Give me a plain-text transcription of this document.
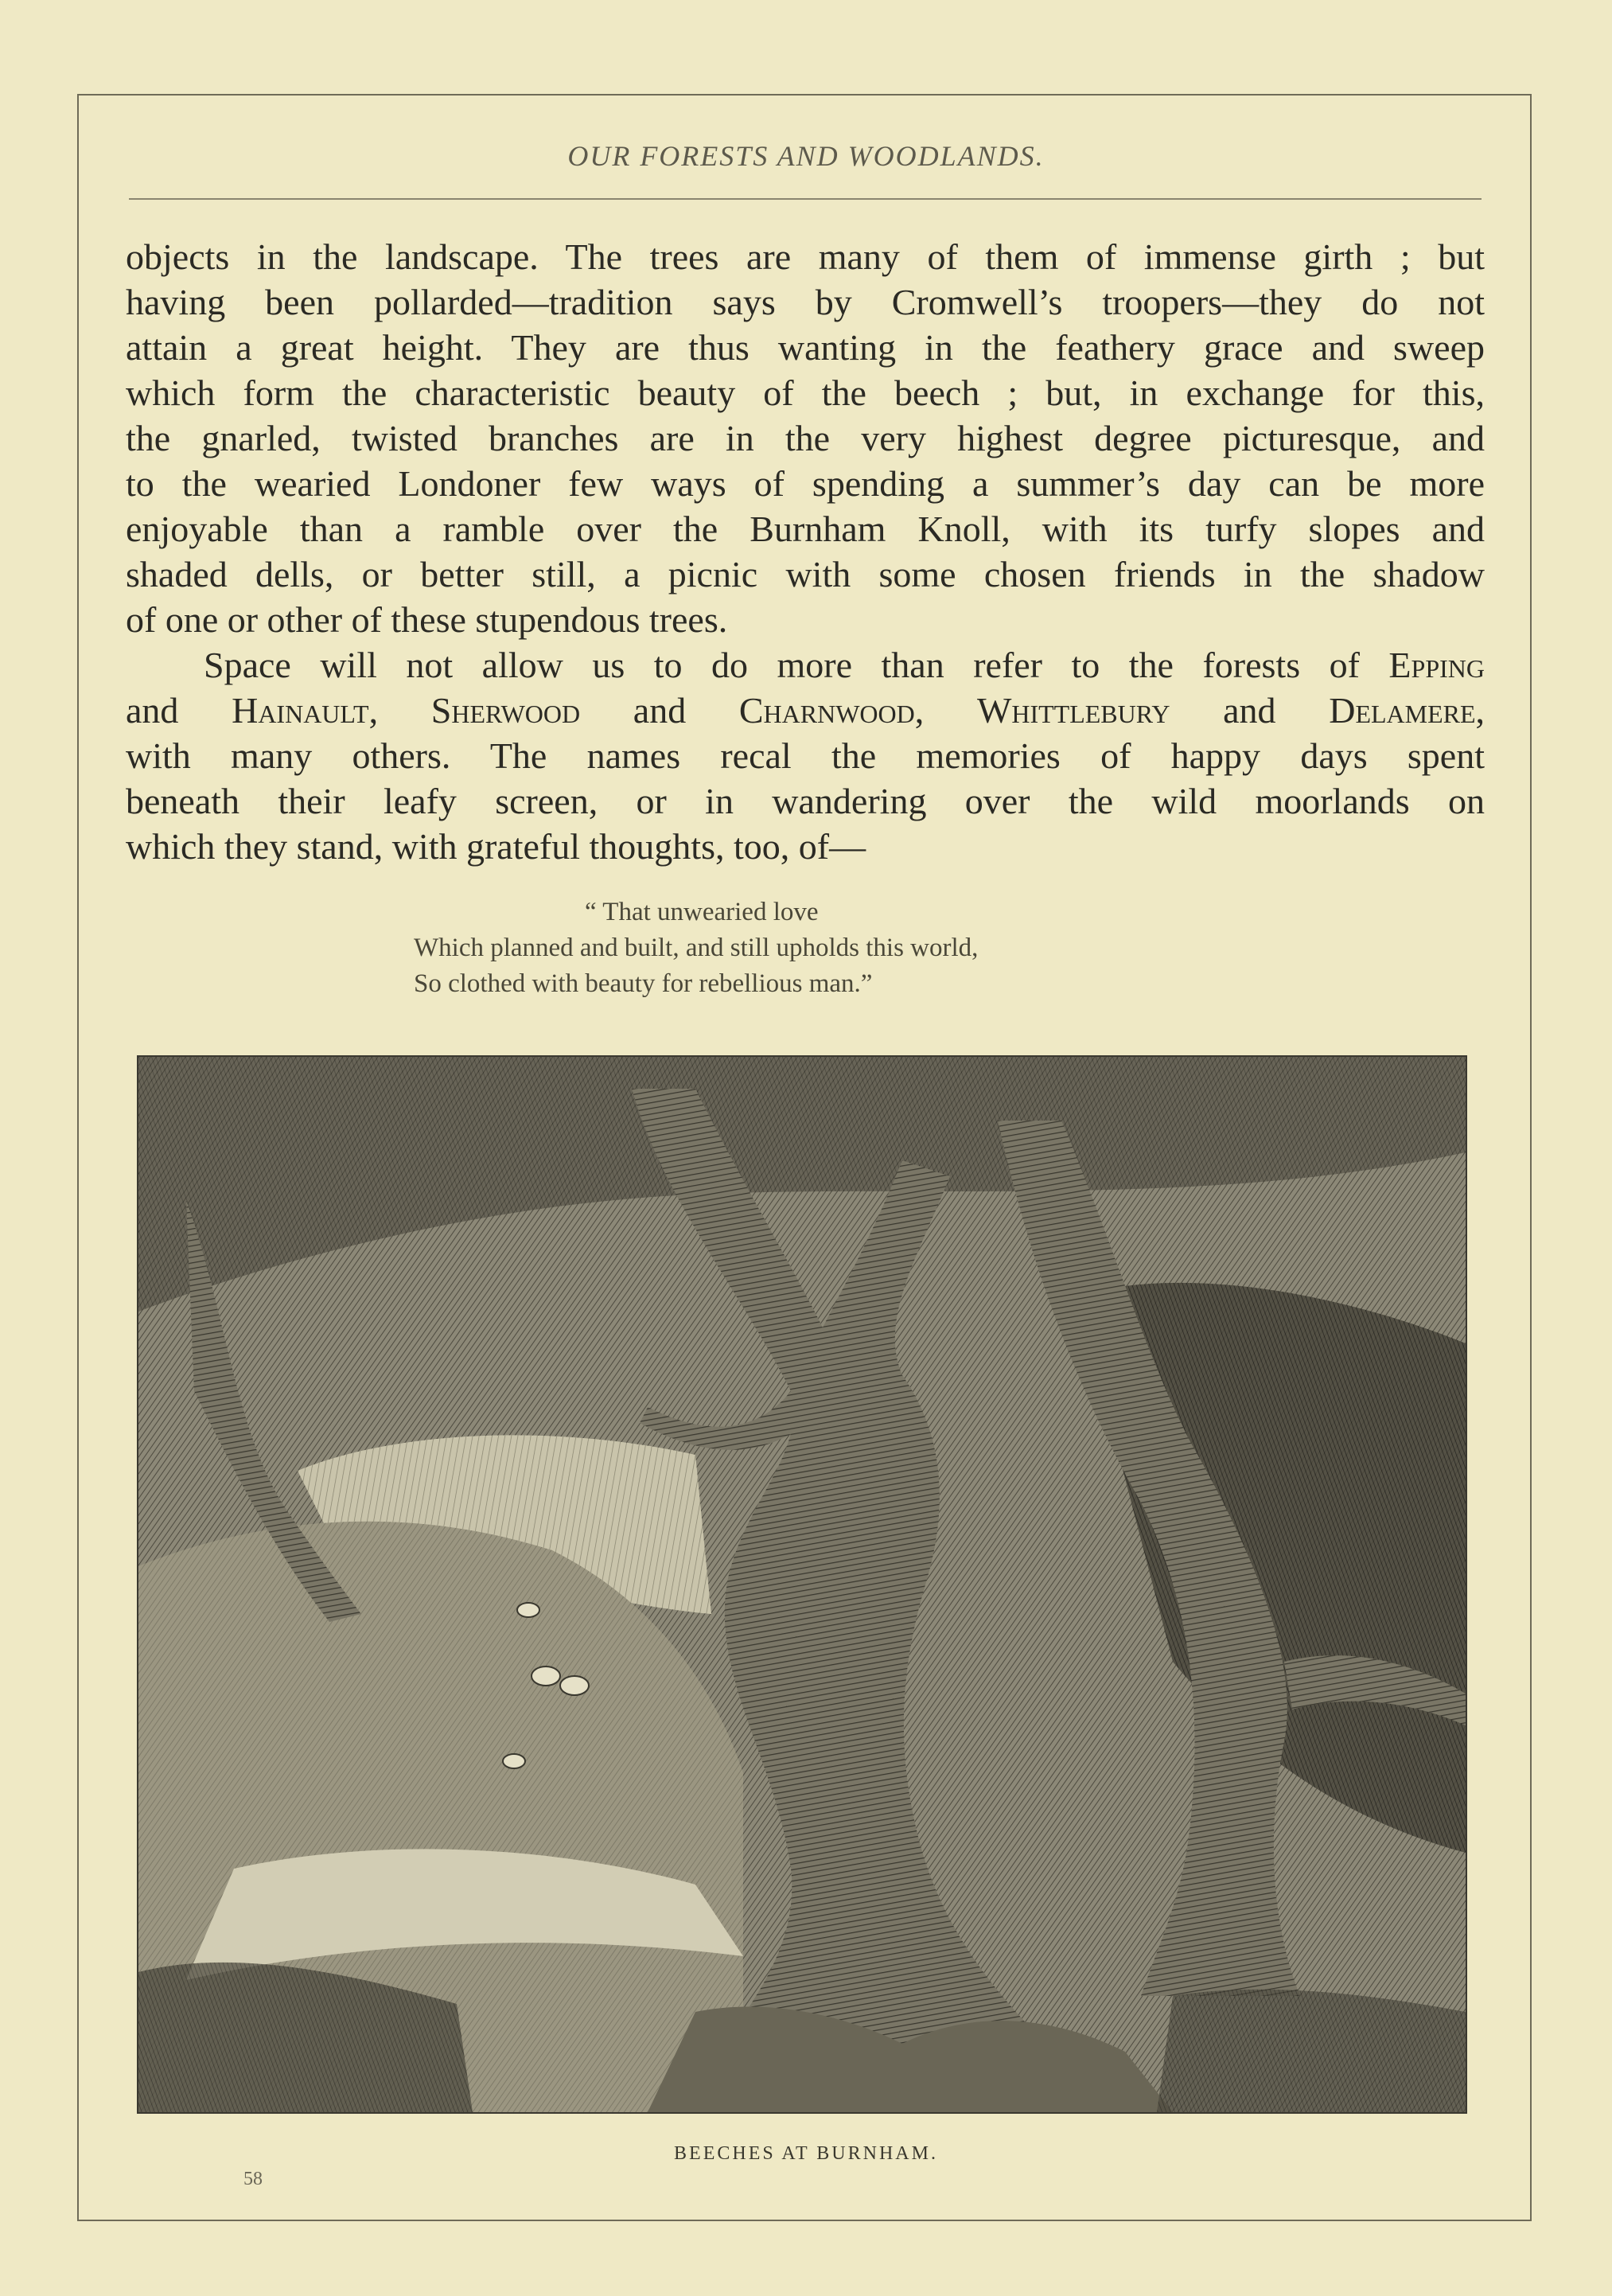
OUR FORESTS AND WOODLANDS.
objects in the landscape. The trees are many of them of immense girth ; but
having been pollarded—tradition says by Cromwell’s troopers—they do not
attain a great height. They are thus wanting in the feathery grace and sweep
which form the characteristic beauty of the beech ; but, in exchange for this,
the gnarled, twisted branches are in the very highest degree picturesque, and
to the wearied Londoner few ways of spending a summer’s day can be more
enjoyable than a ramble over the Burnham Knoll, with its turfy slopes and
shaded dells, or better still, a picnic with some chosen friends in the shadow
of one or other of these stupendous trees.
Space will not allow us to do more than refer to the forests of Epping
and Hainault, Sherwood and Charnwood, Whittlebury and Delamere,
with many others. The names recal the memories of happy days spent
beneath their leafy screen, or in wandering over the wild moorlands on
which they stand, with grateful thoughts, too, of—
“ That unwearied love
Which planned and built, and still upholds this world,
So clothed with beauty for rebellious man.”
BEECHES AT BURNHAM.
58
